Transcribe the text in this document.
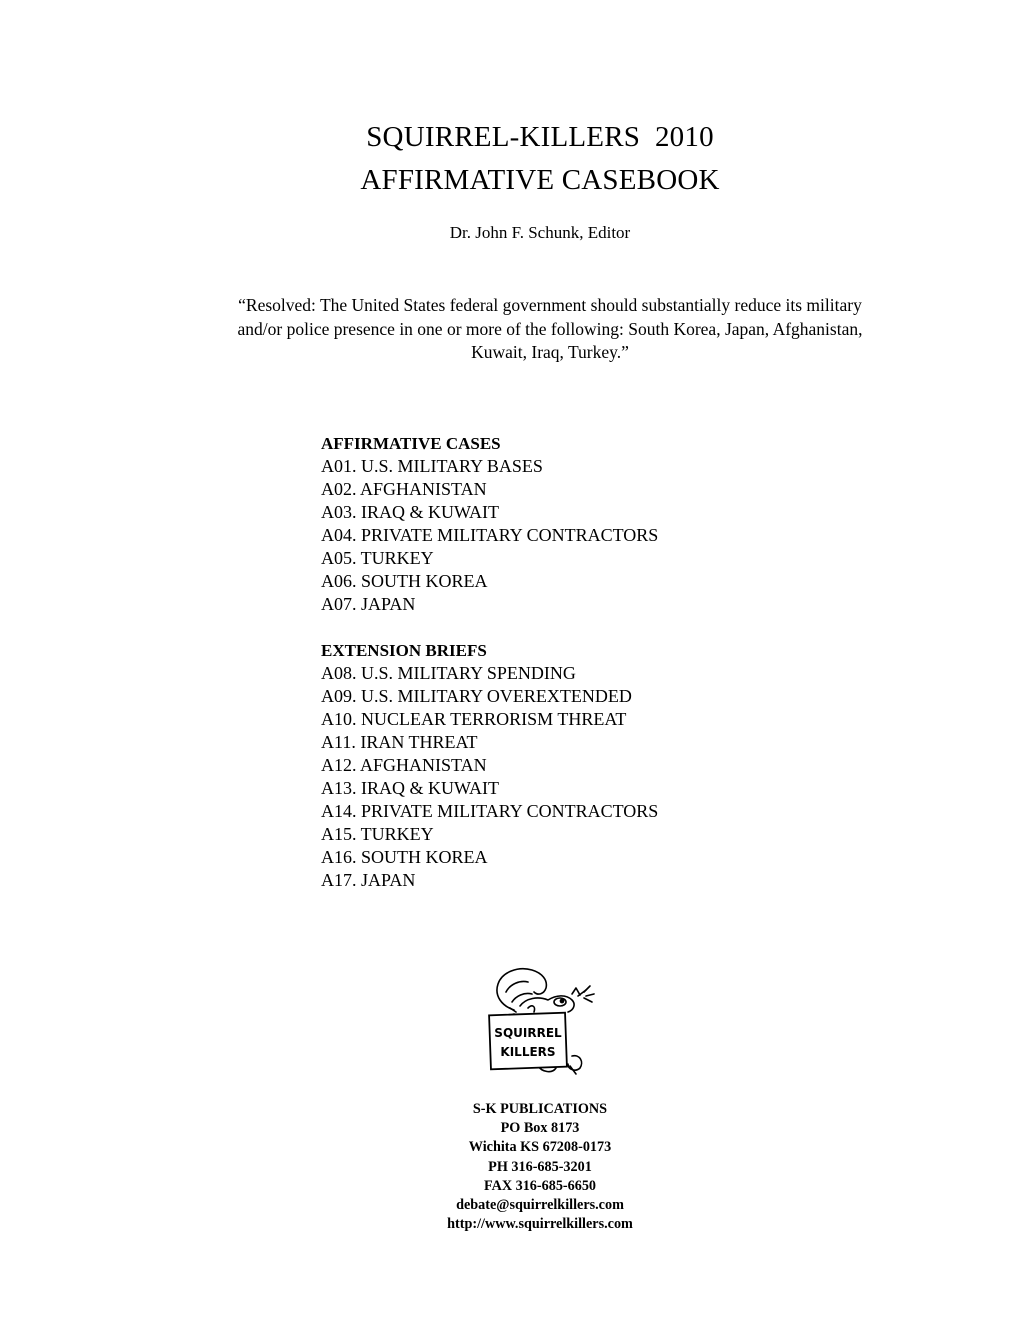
SQUIRREL-KILLERS  2010
AFFIRMATIVE CASEBOOK
Dr. John F. Schunk, Editor
“Resolved: The United States federal government should substantially reduce its military and/or police presence in one or more of the following: South Korea, Japan, Afghanistan, Kuwait, Iraq, Turkey.”
AFFIRMATIVE CASES
A01. U.S. MILITARY BASES
A02. AFGHANISTAN
A03. IRAQ & KUWAIT
A04. PRIVATE MILITARY CONTRACTORS
A05. TURKEY
A06. SOUTH KOREA
A07. JAPAN
EXTENSION BRIEFS
A08. U.S. MILITARY SPENDING
A09. U.S. MILITARY OVEREXTENDED
A10. NUCLEAR TERRORISM THREAT
A11. IRAN THREAT
A12. AFGHANISTAN
A13. IRAQ & KUWAIT
A14. PRIVATE MILITARY CONTRACTORS
A15. TURKEY
A16. SOUTH KOREA
A17. JAPAN
SQUIRREL
KILLERS
S-K PUBLICATIONS
PO Box 8173
Wichita KS 67208-0173
PH 316-685-3201
FAX 316-685-6650
debate@squirrelkillers.com
http://www.squirrelkillers.com
